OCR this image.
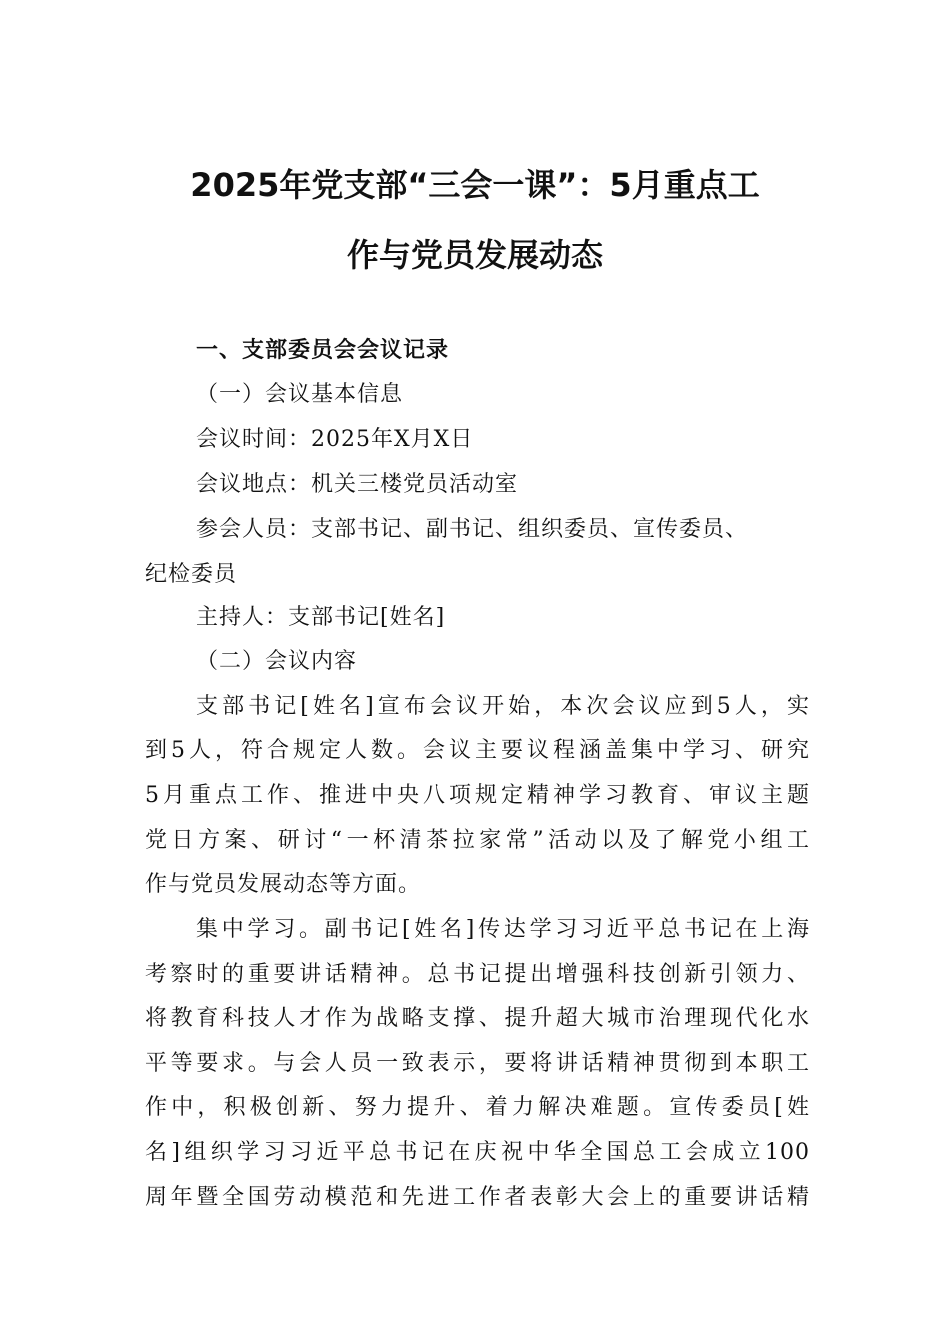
2025年党支部“三会一课”：5月重点工
作与党员发展动态
一、支部委员会会议记录
（一）会议基本信息
会议时间：2025年X月X日
会议地点：机关三楼党员活动室
参会人员：支部书记、副书记、组织委员、宣传委员、
纪检委员
主持人：支部书记[姓名]
（二）会议内容
支部书记[姓名]宣布会议开始，本次会议应到5人，实
到5人，符合规定人数。会议主要议程涵盖集中学习、研究
5月重点工作、推进中央八项规定精神学习教育、审议主题
党日方案、研讨“一杯清茶拉家常”活动以及了解党小组工
作与党员发展动态等方面。
集中学习。副书记[姓名]传达学习习近平总书记在上海
考察时的重要讲话精神。总书记提出增强科技创新引领力、
将教育科技人才作为战略支撑、提升超大城市治理现代化水
平等要求。与会人员一致表示，要将讲话精神贯彻到本职工
作中，积极创新、努力提升、着力解决难题。宣传委员[姓
名]组织学习习近平总书记在庆祝中华全国总工会成立100
周年暨全国劳动模范和先进工作者表彰大会上的重要讲话精
